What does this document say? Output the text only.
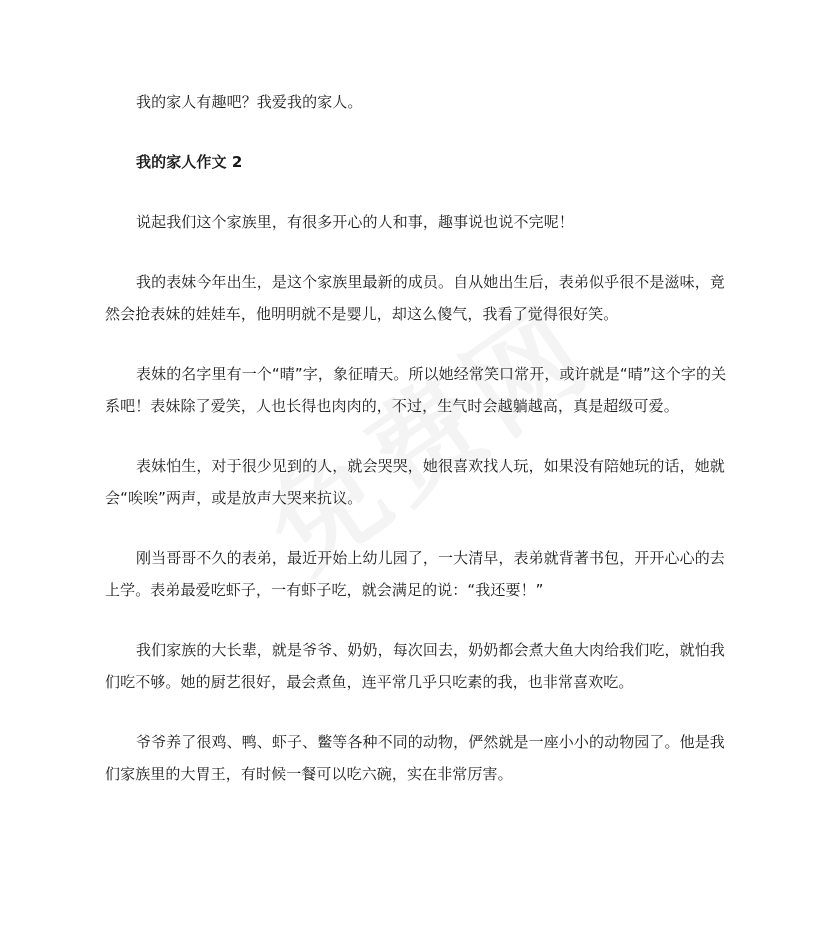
我的家人有趣吧？我爱我的家人。

我的家人作文 2

说起我们这个家族里，有很多开心的人和事，趣事说也说不完呢！

我的表妹今年出生，是这个家族里最新的成员。自从她出生后，表弟似乎很不是滋味，竟然会抢表妹的娃娃车，他明明就不是婴儿，却这么傻气，我看了觉得很好笑。

表妹的名字里有一个“晴”字，象征晴天。所以她经常笑口常开，或许就是“晴”这个字的关系吧！表妹除了爱笑，人也长得也肉肉的，不过，生气时会越躺越高，真是超级可爱。

表妹怕生，对于很少见到的人，就会哭哭，她很喜欢找人玩，如果没有陪她玩的话，她就会“唉唉”两声，或是放声大哭来抗议。

刚当哥哥不久的表弟，最近开始上幼儿园了，一大清早，表弟就背著书包，开开心心的去上学。表弟最爱吃虾子，一有虾子吃，就会满足的说：“我还要！”

我们家族的大长辈，就是爷爷、奶奶，每次回去，奶奶都会煮大鱼大肉给我们吃，就怕我们吃不够。她的厨艺很好，最会煮鱼，连平常几乎只吃素的我，也非常喜欢吃。

爷爷养了很鸡、鸭、虾子、鳖等各种不同的动物，俨然就是一座小小的动物园了。他是我们家族里的大胃王，有时候一餐可以吃六碗，实在非常厉害。
